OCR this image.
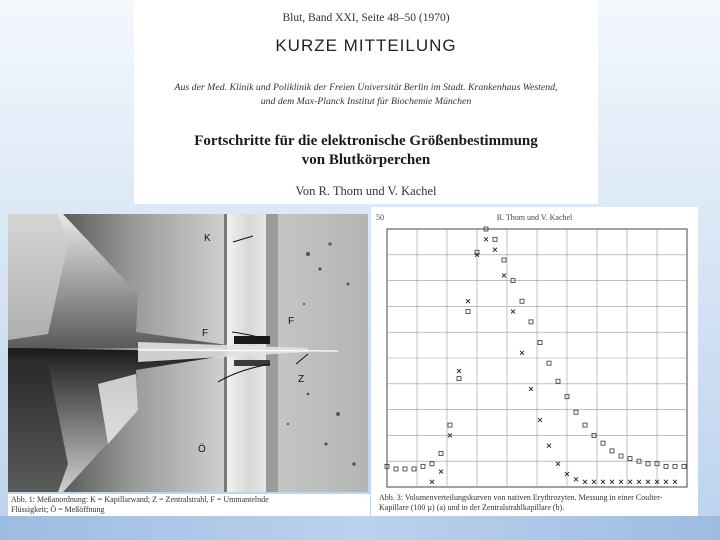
Blut, Band XXI, Seite 48–50 (1970)
KURZE MITTEILUNG
Aus der Med. Klinik und Poliklinik der Freien Universität Berlin im Stadt. Krankenhaus Westend,
und dem Max-Planck Institut für Biochemie München
Fortschritte für die elektronische Größenbestimmung
von Blutkörperchen
Von R. Thom und V. Kachel
K
F
F
Z
Ö
Abb. 1: Meßanordnung: K = Kapillarwand; Z = Zentralstrahl, F = Ummantelnde
Flüssigkeit; Ö = Meßöffnung
50	R. Thom und V. Kachel
Abb. 3: Volumenverteilungskurven von nativen Erythrozyten. Messung in einer Coulter-
Kapillare (100 µ) (a) und in der Zentralstrahlkapillare (b).
